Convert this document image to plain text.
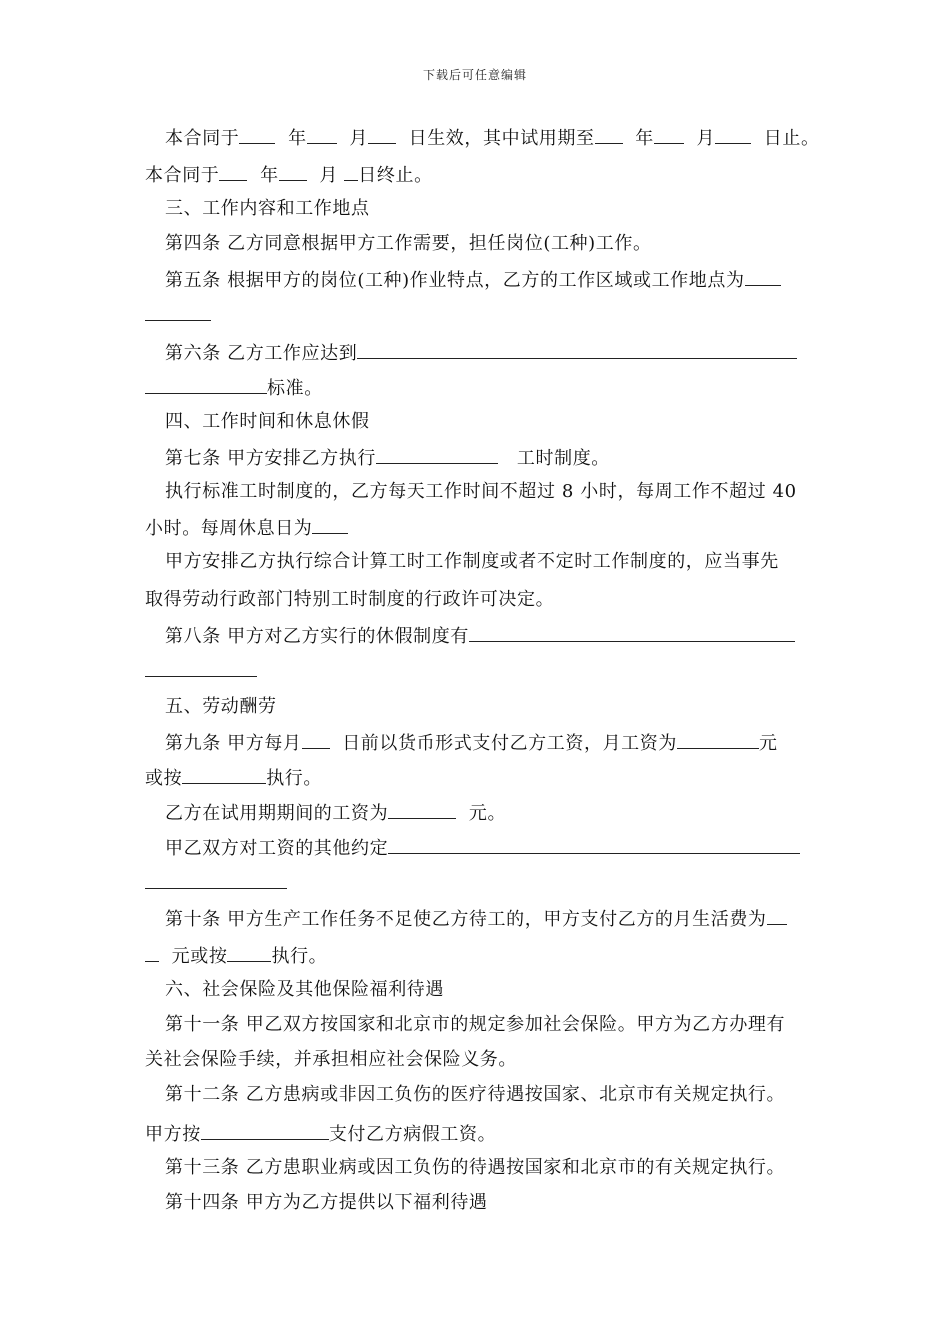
下载后可任意编辑
本合同于	年 月 日生效，其中试用期至 年 月	日止。
本合同于 年 月 日终止。
三、工作内容和工作地点
第四条 乙方同意根据甲方工作需要，担任岗位(工种)工作。
第五条 根据甲方的岗位(工种)作业特点，乙方的工作区域或工作地点为
第六条 乙方工作应达到
标准。
四、工作时间和休息休假
第七条 甲方安排乙方执行	工时制度。
执行标准工时制度的，乙方每天工作时间不超过 8 小时，每周工作不超过 40
小时。每周休息日为
甲方安排乙方执行综合计算工时工作制度或者不定时工作制度的，应当事先
取得劳动行政部门特别工时制度的行政许可决定。
第八条 甲方对乙方实行的休假制度有
五、劳动酬劳
第九条 甲方每月 日前以货币形式支付乙方工资，月工资为	元
或按	执行。
乙方在试用期期间的工资为	元。
甲乙双方对工资的其他约定
第十条 甲方生产工作任务不足使乙方待工的，甲方支付乙方的月生活费为
元或按 执行。
六、社会保险及其他保险福利待遇
第十一条 甲乙双方按国家和北京市的规定参加社会保险。甲方为乙方办理有
关社会保险手续，并承担相应社会保险义务。
第十二条 乙方患病或非因工负伤的医疗待遇按国家、北京市有关规定执行。
甲方按	支付乙方病假工资。
第十三条 乙方患职业病或因工负伤的待遇按国家和北京市的有关规定执行。
第十四条 甲方为乙方提供以下福利待遇
